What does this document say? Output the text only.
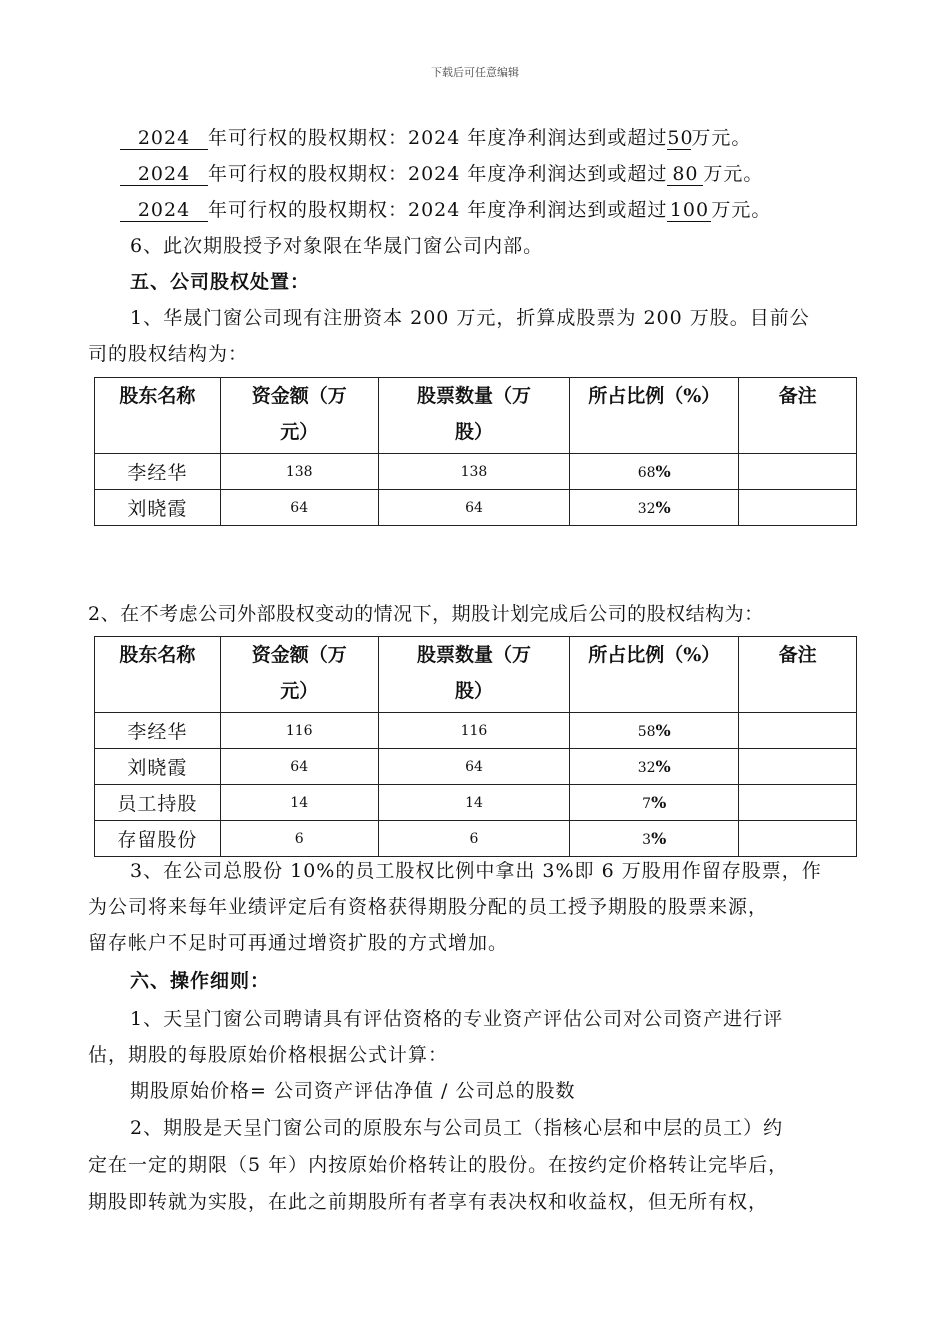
下载后可任意编辑
2024 年可行权的股权期权：2024 年度净利润达到或超过50万元。
2024 年可行权的股权期权：2024 年度净利润达到或超过 80 万元。
2024 年可行权的股权期权：2024 年度净利润达到或超过 100 万元。
6、此次期股授予对象限在华晟门窗公司内部。
五、公司股权处置：
1、华晟门窗公司现有注册资本 200 万元，折算成股票为 200 万股。目前公
司的股权结构为：
股东名称	资金额（万
元）	股票数量（万
股）	所占比例（%）	备注
李经华	138	138	68%	
刘晓霞	64	64	32%	
2、在不考虑公司外部股权变动的情况下，期股计划完成后公司的股权结构为：
股东名称	资金额（万
元）	股票数量（万
股）	所占比例（%）	备注
李经华	116	116	58%	
刘晓霞	64	64	32%	
员工持股	14	14	7%	
存留股份	6	6	3%	
3、在公司总股份 10%的员工股权比例中拿出 3%即 6 万股用作留存股票，作
为公司将来每年业绩评定后有资格获得期股分配的员工授予期股的股票来源，
留存帐户不足时可再通过增资扩股的方式增加。
六、操作细则：
1、天呈门窗公司聘请具有评估资格的专业资产评估公司对公司资产进行评
估，期股的每股原始价格根据公式计算：
期股原始价格= 公司资产评估净值 / 公司总的股数
2、期股是天呈门窗公司的原股东与公司员工（指核心层和中层的员工）约
定在一定的期限（5 年）内按原始价格转让的股份。在按约定价格转让完毕后，
期股即转就为实股，在此之前期股所有者享有表决权和收益权，但无所有权，
